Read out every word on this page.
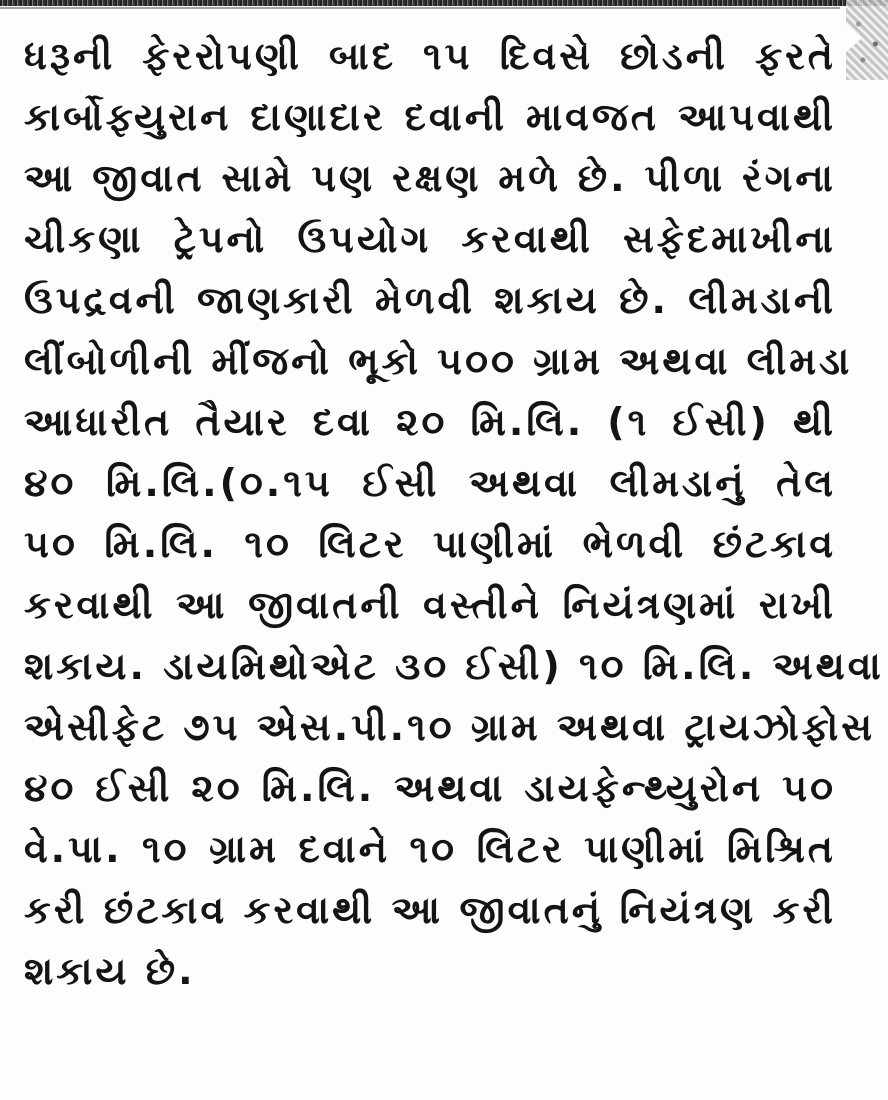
ધરૂની ફેરરોપણી બાદ ૧૫ દિવસે છોડની ફરતે
કાર્બોફ્યુરાન દાણાદાર દવાની માવજત આપવાથી
આ જીવાત સામે પણ રક્ષણ મળે છે. પીળા રંગના
ચીકણા ટ્રેપનો ઉપયોગ કરવાથી સફેદમાખીના
ઉપદ્રવની જાણકારી મેળવી શકાય છે. લીમડાની
લીંબોળીની મીંજનો ભૂકો ૫૦૦ ગ્રામ અથવા લીમડા
આધારીત તૈયાર દવા ૨૦ મિ.લિ. (૧ ઈસી) થી
૪૦ મિ.લિ.(૦.૧૫ ઈસી અથવા લીમડાનું તેલ
૫૦ મિ.લિ. ૧૦ લિટર પાણીમાં ભેળવી છંટકાવ
કરવાથી આ જીવાતની વસ્તીને નિયંત્રણમાં રાખી
શકાય. ડાયમિથોએટ ૩૦ ઈસી) ૧૦ મિ.લિ. અથવા
એસીફેટ ૭૫ એસ.પી.૧૦ ગ્રામ અથવા ટ્રાયઝોફોસ
૪૦ ઈસી ૨૦ મિ.લિ. અથવા ડાયફેન્થ્યુરોન ૫૦
વે.પા. ૧૦ ગ્રામ દવાને ૧૦ લિટર પાણીમાં મિશ્રિત
કરી છંટકાવ કરવાથી આ જીવાતનું નિયંત્રણ કરી
શકાય છે.
